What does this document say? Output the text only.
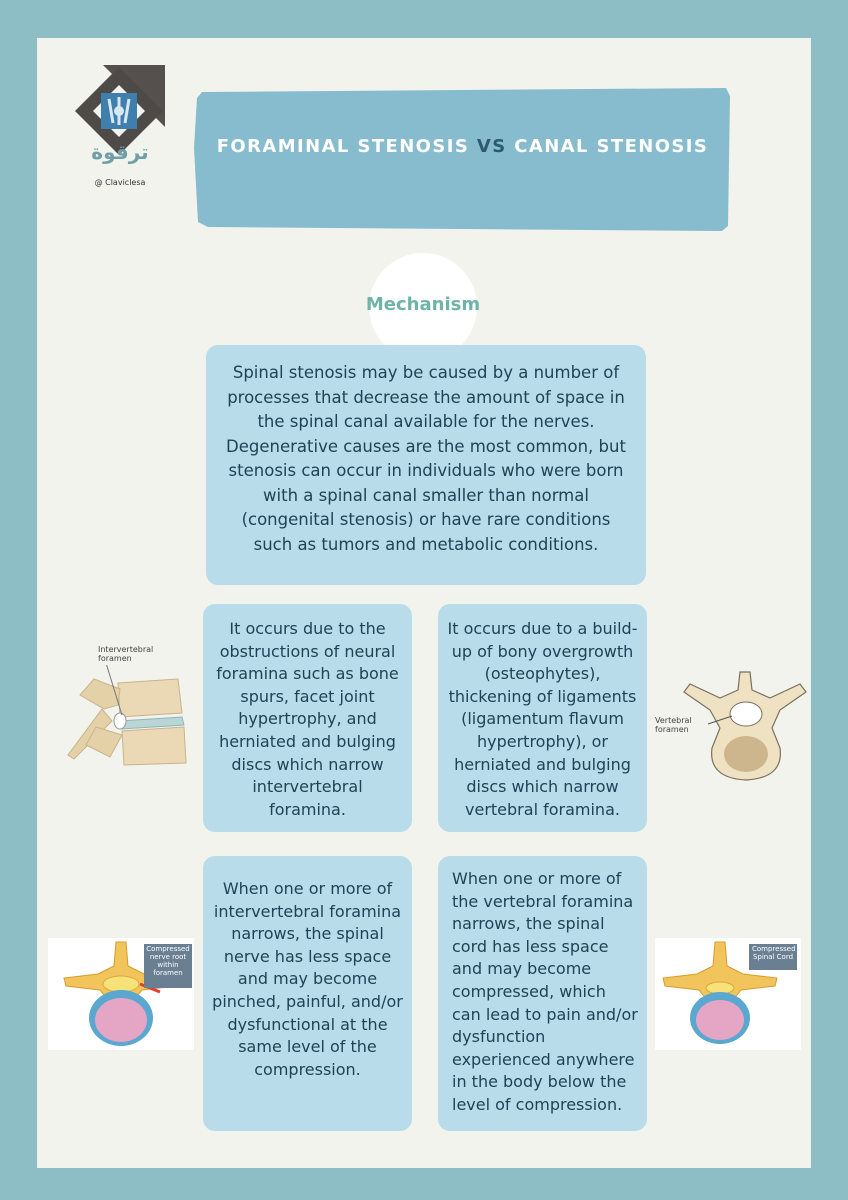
ترقوة
@ Claviclesa
FORAMINAL STENOSIS VS CANAL STENOSIS
Mechanism
Spinal stenosis may be caused by a number of processes that decrease the amount of space in the spinal canal available for the nerves. Degenerative causes are the most common, but stenosis can occur in individuals who were born with a spinal canal smaller than normal (congenital stenosis) or have rare conditions such as tumors and metabolic conditions.
It occurs due to the obstructions of neural foramina such as bone spurs, facet joint hypertrophy, and herniated and bulging discs which narrow intervertebral foramina.
It occurs due to a build-up of bony overgrowth (osteophytes), thickening of ligaments (ligamentum flavum hypertrophy), or herniated and bulging discs which narrow vertebral foramina.
When one or more of intervertebral foramina narrows, the spinal nerve has less space and may become pinched, painful, and/or dysfunctional at the same level of the compression.
When one or more of the vertebral foramina narrows, the spinal cord has less space and may become compressed, which can lead to pain and/or dysfunction experienced anywhere in the body below the level of compression.
Intervertebral foramen
Vertebral foramen
Compressed nerve root within foramen
Compressed Spinal Cord
